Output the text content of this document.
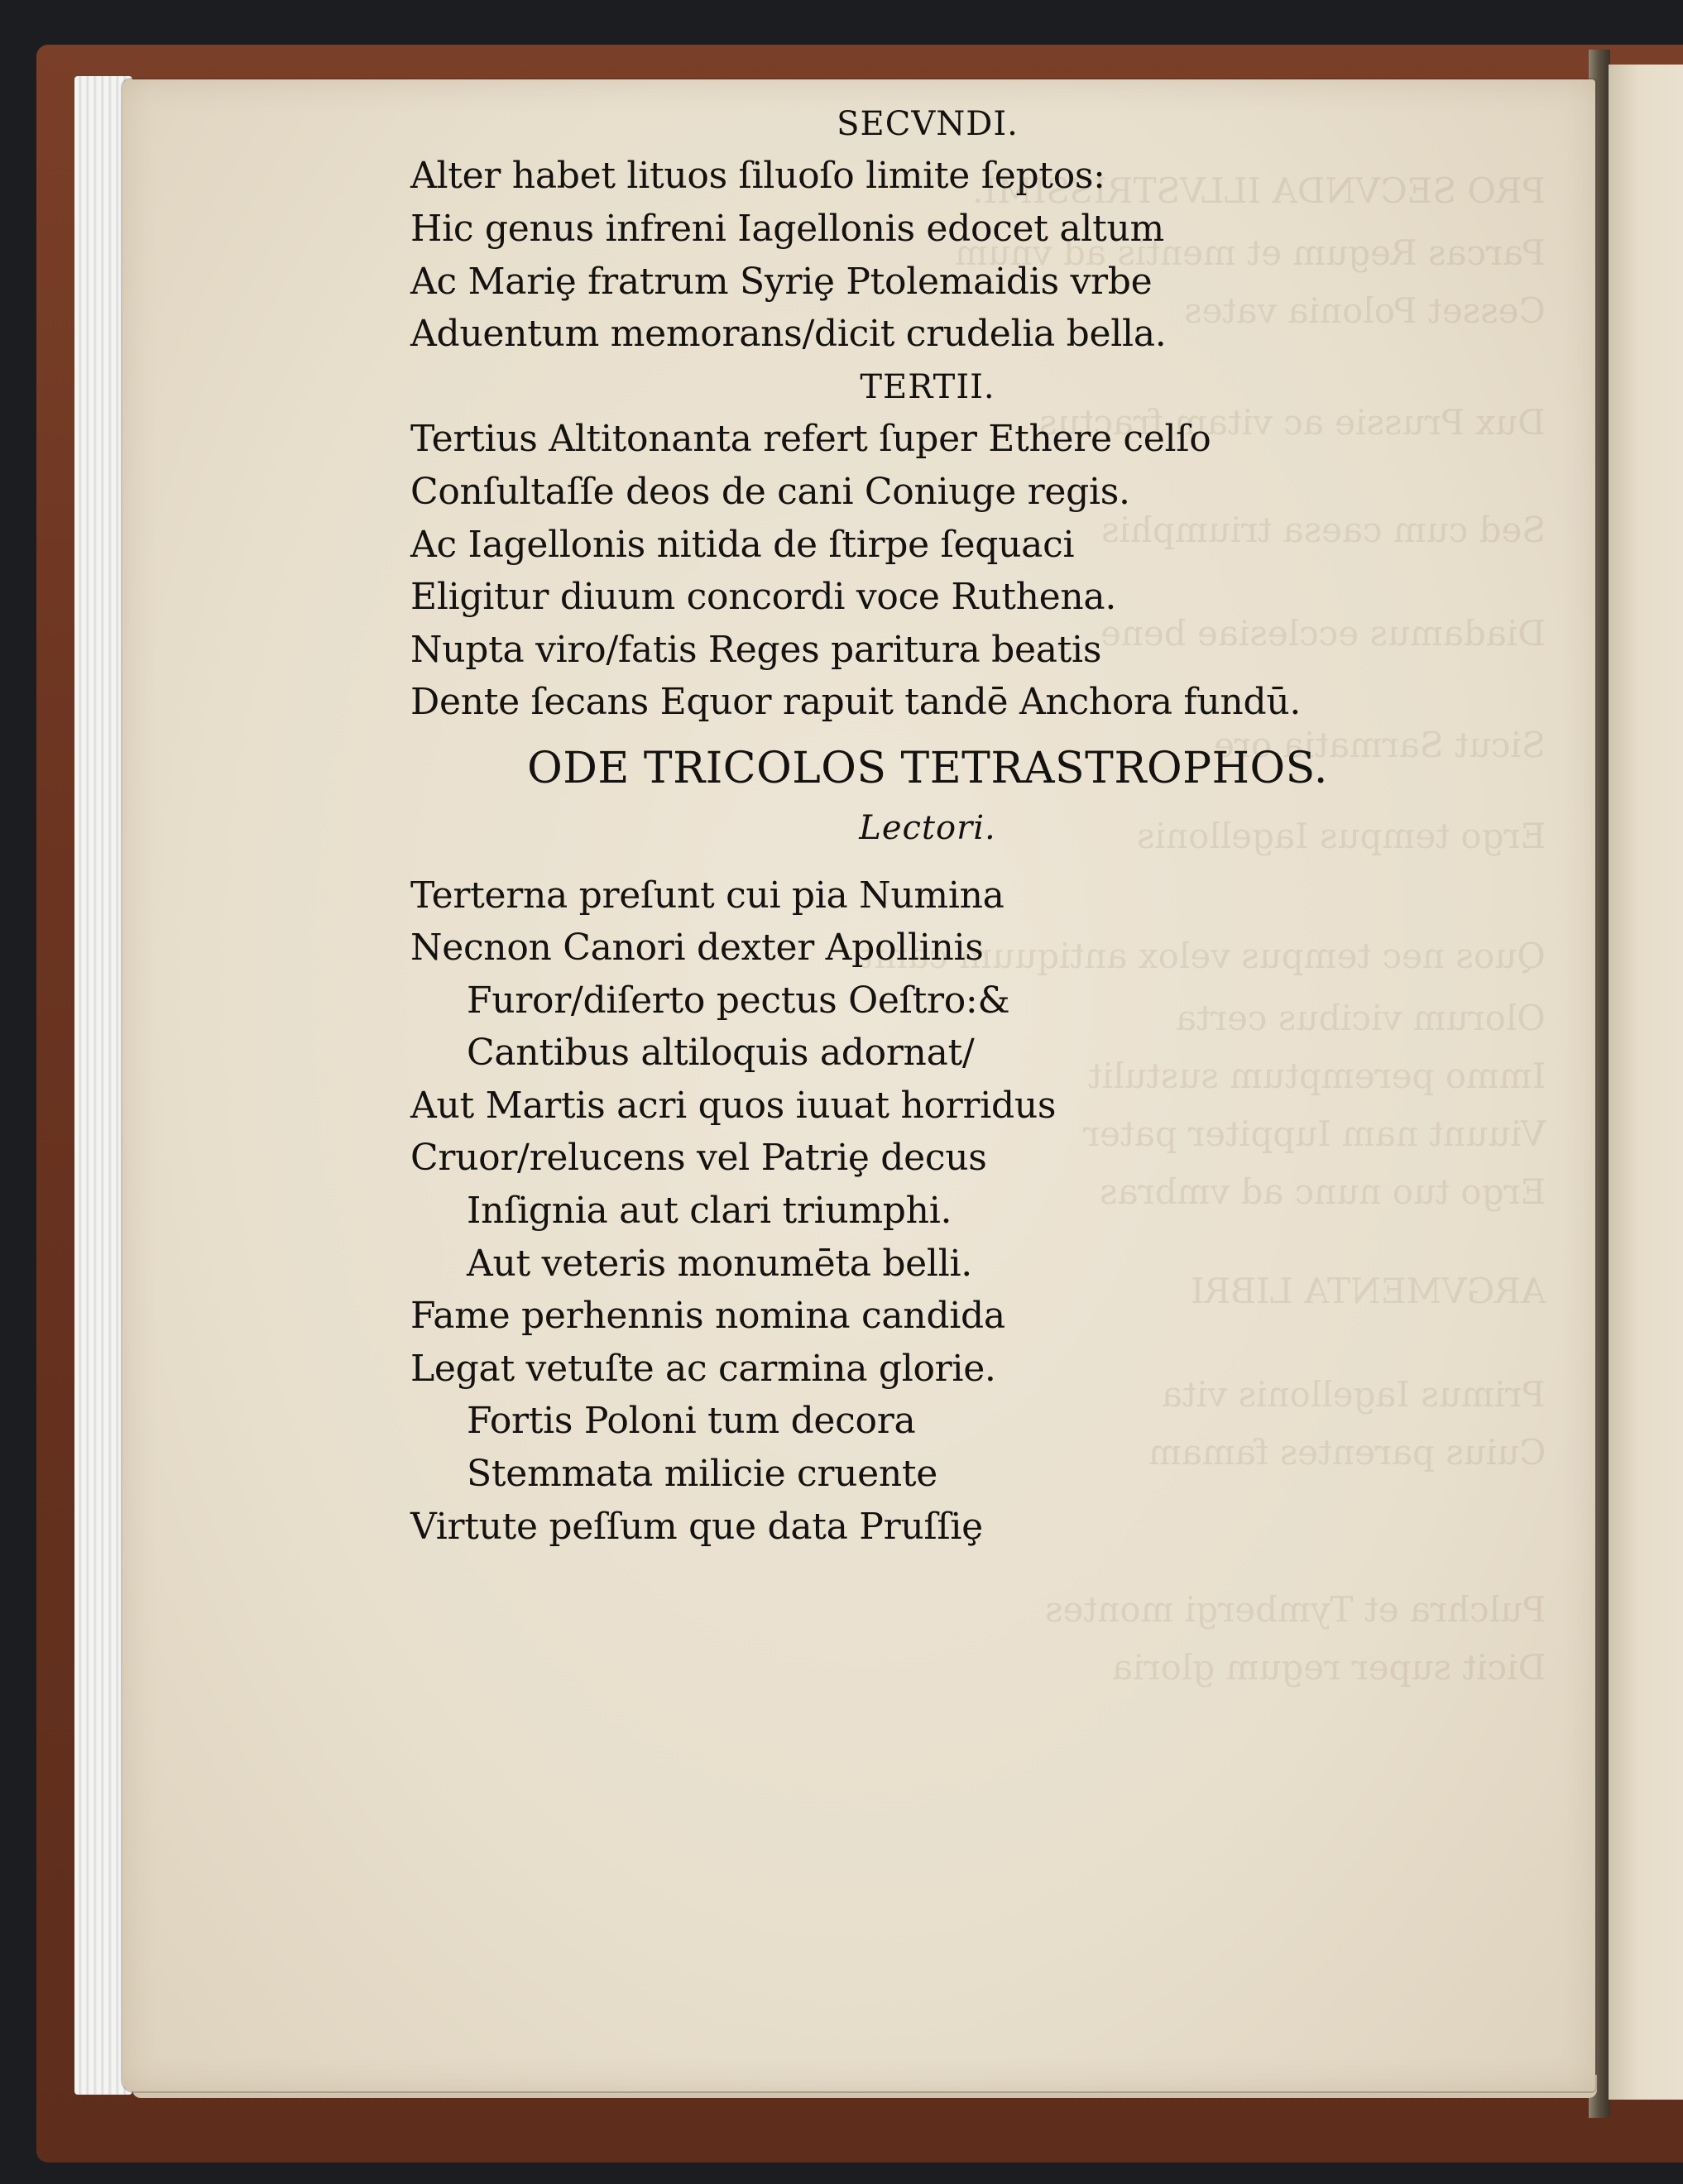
PRO SECVNDA ILLVSTRISSIMI.
Parcas Regum et mentis ad vnum
Cesset Polonia vates
Dux Prussie ac vitam fractus
Sed cum caesa triumphis
Diadamus ecclesiae bene
Sicut Sarmatia ore
Ergo tempus Iagellonis
Quos nec tempus velox antiquum canit
Olorum vicibus certa
Immo peremptum sustulit
Viuunt nam Iuppiter pater
Ergo tuo nunc ad vmbras
ARGVMENTA LIBRI
Primus Iagellonis vita
Cuius parentes famam
Pulchra et Tymbergi montes
Dicit super regum gloria
SECVNDI.
Alter habet lituos ſiluoſo limite ſeptos:
Hic genus infreni Iagellonis edocet altum
Ac Mariȩ fratrum Syriȩ Ptolemaidis vrbe
Aduentum memorans/dicit crudelia bella.
TERTII.
Tertius Altitonanta refert ſuper Ethere celſo
Conſultaſſe deos de cani Coniuge regis.
Ac Iagellonis nitida de ſtirpe ſequaci
Eligitur diuum concordi voce Ruthena.
Nupta viro/fatis Reges paritura beatis
Dente ſecans Equor rapuit tandē Anchora fundū.
ODE TRICOLOS TETRASTROPHOS.
Lectori.
Terterna preſunt cui pia Numina
Necnon Canori dexter Apollinis
Furor/diſerto pectus Oeſtro:&
Cantibus altiloquis adornat/
Aut Martis acri quos iuuat horridus
Cruor/relucens vel Patriȩ decus
Inſignia aut clari triumphi.
Aut veteris monumēta belli.
Fame perhennis nomina candida
Legat vetuſte ac carmina glorie.
Fortis Poloni tum decora
Stemmata milicie cruente
Virtute peſſum que data Pruſſiȩ
